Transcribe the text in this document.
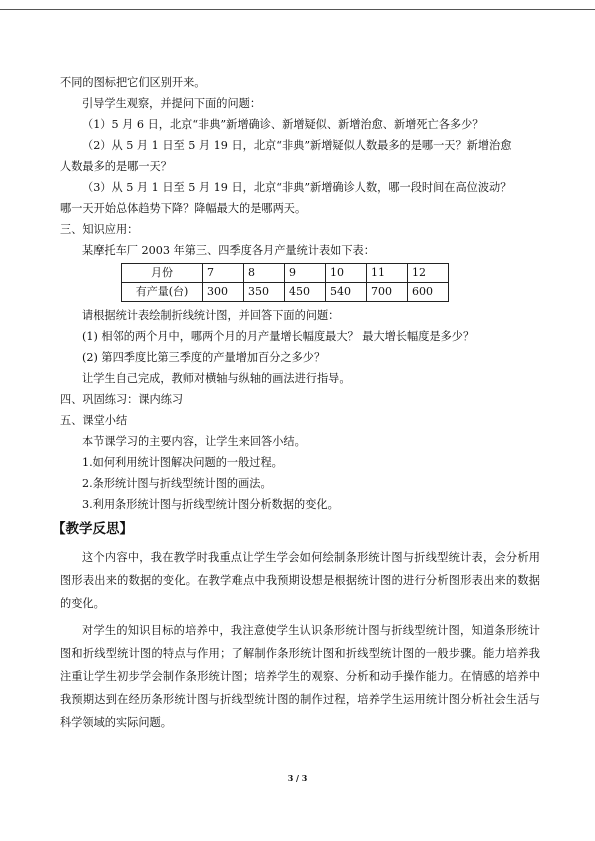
不同的图标把它们区别开来。

引导学生观察，并提问下面的问题：

（1）5 月 6 日，北京“非典”新增确诊、新增疑似、新增治愈、新增死亡各多少？

（2）从 5 月 1 日至 5 月 19 日，北京“非典”新增疑似人数最多的是哪一天？新增治愈

人数最多的是哪一天？

（3）从 5 月 1 日至 5 月 19 日，北京“非典”新增确诊人数，哪一段时间在高位波动？

哪一天开始总体趋势下降？降幅最大的是哪两天。

三、知识应用：

某摩托车厂 2003 年第三、四季度各月产量统计表如下表：

月份	7	8	9	10	11	12
有产量(台)	300	350	450	540	700	600

请根据统计表绘制折线统计图，并回答下面的问题：

(1) 相邻的两个月中，哪两个月的月产量增长幅度最大？ 最大增长幅度是多少？

(2) 第四季度比第三季度的产量增加百分之多少？

让学生自己完成，教师对横轴与纵轴的画法进行指导。

四、巩固练习：课内练习

五、课堂小结

本节课学习的主要内容，让学生来回答小结。

1.如何利用统计图解决问题的一般过程。

2.条形统计图与折线型统计图的画法。

3.利用条形统计图与折线型统计图分析数据的变化。

【教学反思】

这个内容中，我在教学时我重点让学生学会如何绘制条形统计图与折线型统计表，会分析用图形表出来的数据的变化。在教学难点中我预期设想是根据统计图的进行分析图形表出来的数据的变化。

对学生的知识目标的培养中，我注意使学生认识条形统计图与折线型统计图，知道条形统计图和折线型统计图的特点与作用；了解制作条形统计图和折线型统计图的一般步骤。能力培养我注重让学生初步学会制作条形统计图；培养学生的观察、分析和动手操作能力。在情感的培养中我预期达到在经历条形统计图与折线型统计图的制作过程，培养学生运用统计图分析社会生活与科学领域的实际问题。

3 / 3
